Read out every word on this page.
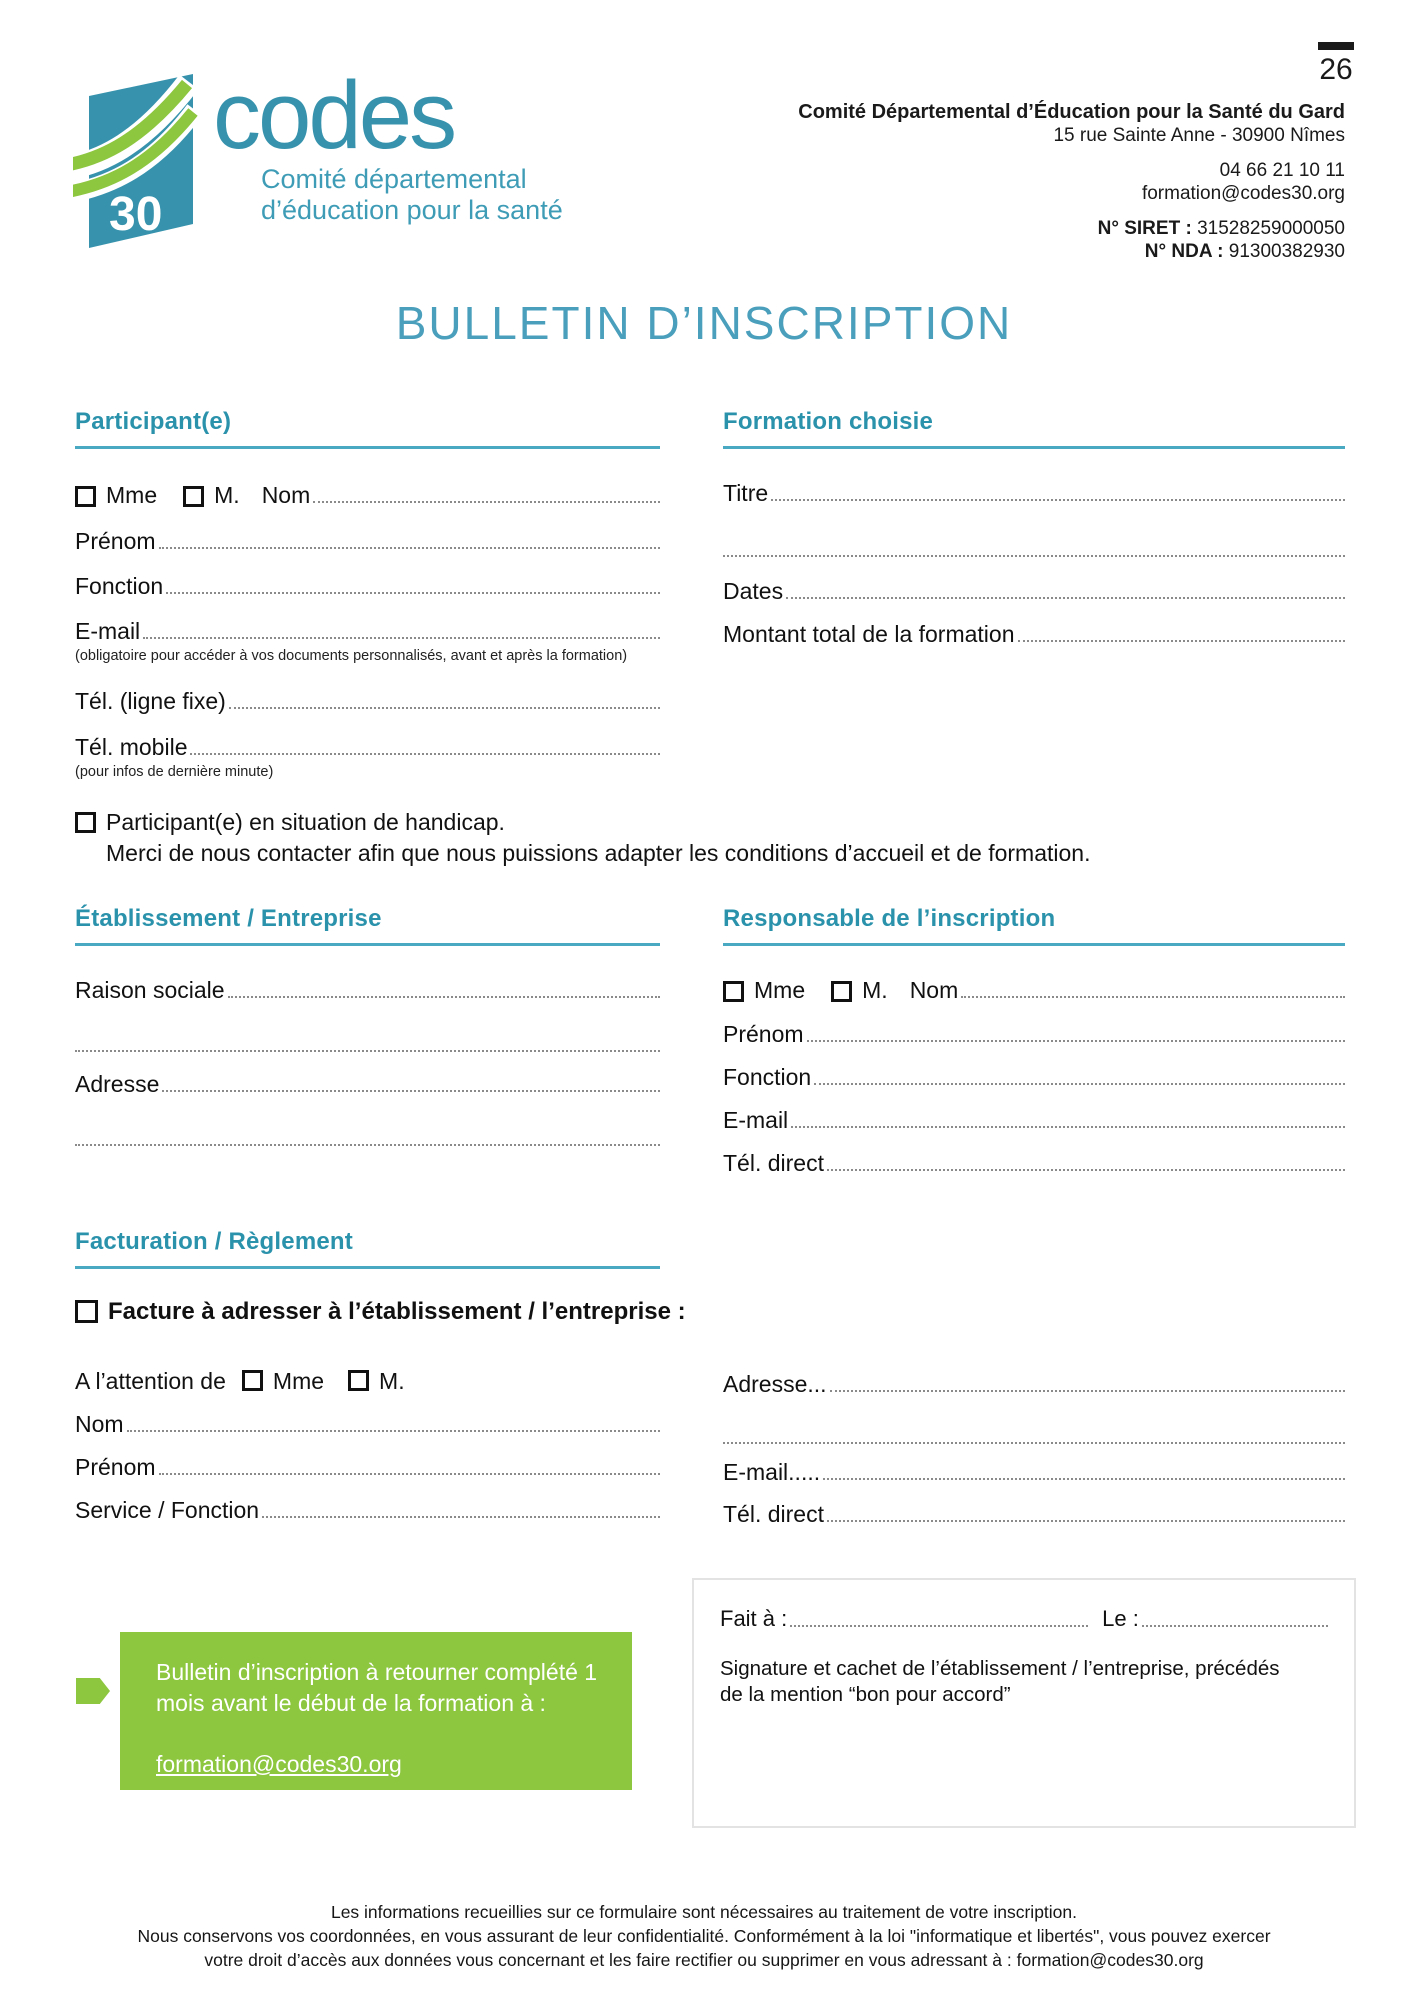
26
30
codes
Comité départemental
d’éducation pour la santé
Comité Départemental d’Éducation pour la Santé du Gard
15 rue Sainte Anne - 30900 Nîmes
04 66 21 10 11
formation@codes30.org
N° SIRET : 31528259000050
N° NDA : 91300382930
BULLETIN D’INSCRIPTION
Participant(e)
Mme M. Nom
Prénom
Fonction
E-mail
(obligatoire pour accéder à vos documents personnalisés, avant et après la formation)
Tél. (ligne fixe)
Tél. mobile
(pour infos de dernière minute)
Participant(e) en situation de handicap.
Merci de nous contacter afin que nous puissions adapter les conditions d’accueil et de formation.
Formation choisie
Titre
Dates
Montant total de la formation
Établissement / Entreprise
Raison sociale
Adresse
Responsable de l’inscription
Mme M. Nom
Prénom
Fonction
E-mail
Tél. direct
Facturation / Règlement
Facture à adresser à l’établissement / l’entreprise :
A l’attention de Mme M.
Nom
Prénom
Service / Fonction
Adresse...
E-mail.....
Tél. direct
Bulletin d’inscription à retourner complété 1
mois avant le début de la formation à :
formation@codes30.org
Fait à :	Le :
Signature et cachet de l’établissement / l’entreprise, précédés
de la mention “bon pour accord”
Les informations recueillies sur ce formulaire sont nécessaires au traitement de votre inscription.
Nous conservons vos coordonnées, en vous assurant de leur confidentialité. Conformément à la loi "informatique et libertés", vous pouvez exercer
votre droit d’accès aux données vous concernant et les faire rectifier ou supprimer en vous adressant à : formation@codes30.org
